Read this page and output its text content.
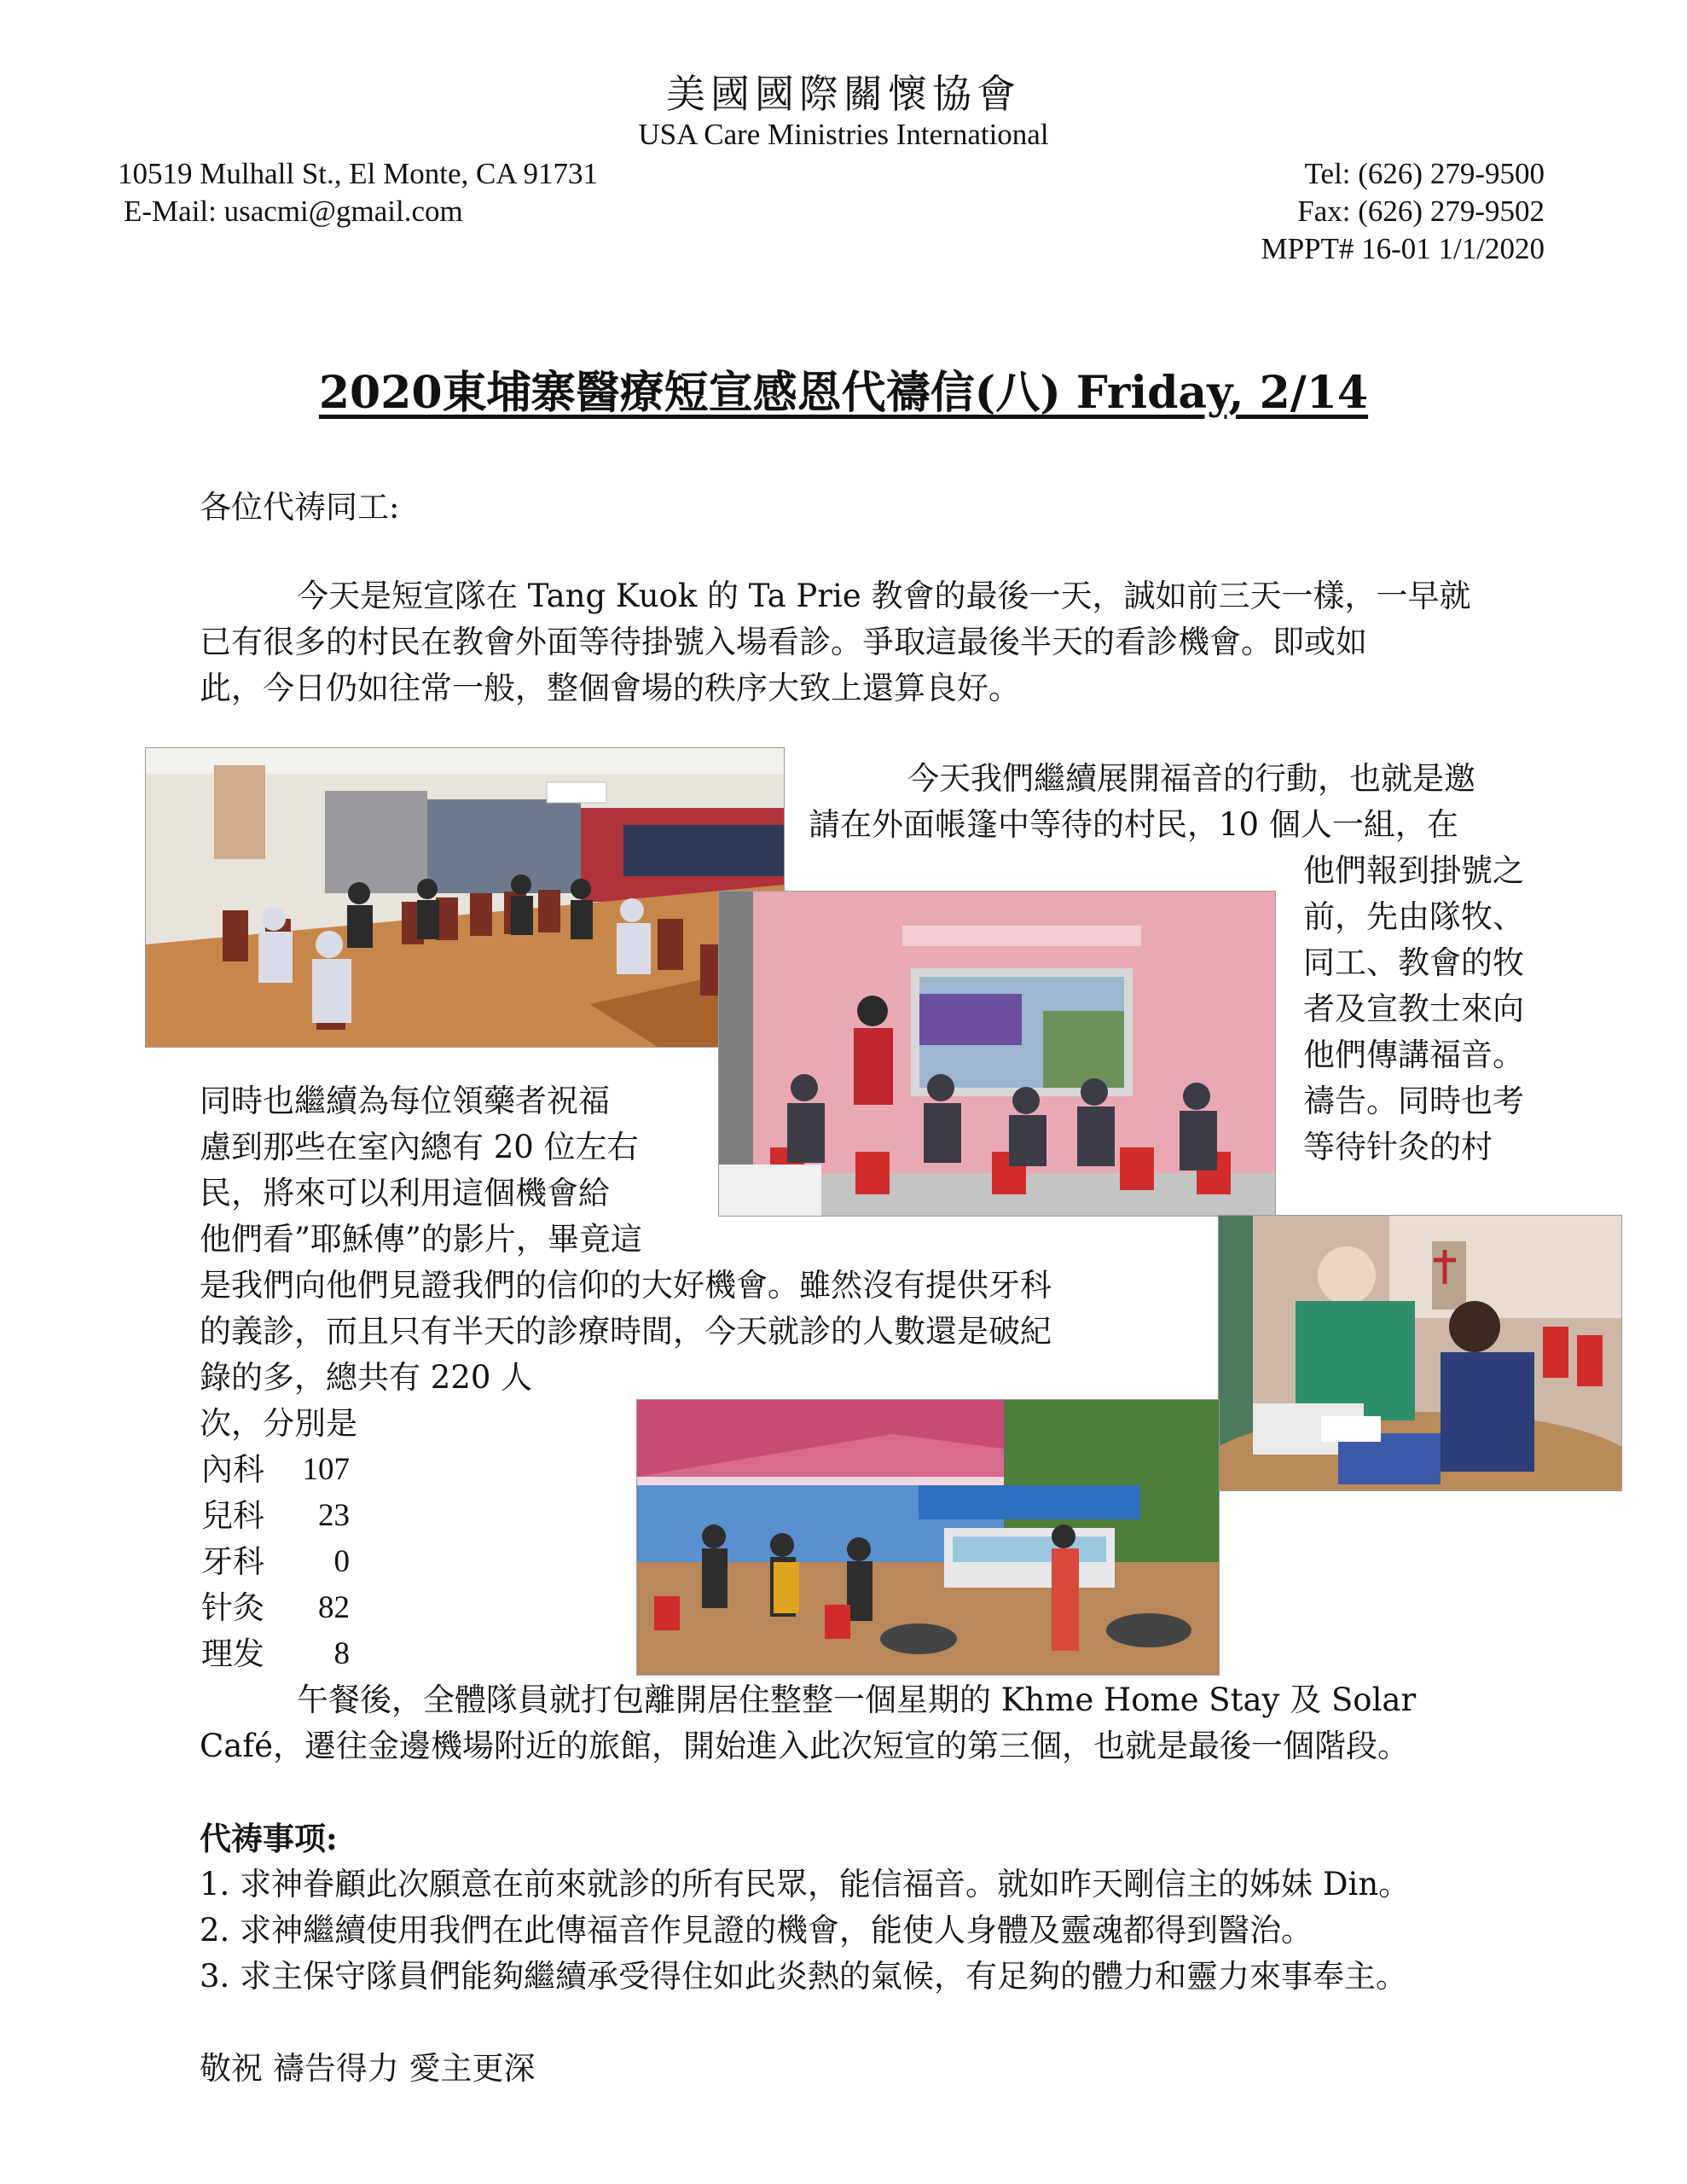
美國國際關懷協會
USA Care Ministries International
10519 Mulhall St., El Monte, CA 91731
E-Mail: usacmi@gmail.com
Tel: (626) 279-9500
Fax: (626) 279-9502
MPPT# 16-01 1/1/2020
2020東埔寨醫療短宣感恩代禱信(八) Friday, 2/14
各位代祷同工:
今天是短宣隊在 Tang Kuok 的 Ta Prie 教會的最後一天，誠如前三天一樣，一早就
已有很多的村民在教會外面等待掛號入場看診。爭取這最後半天的看診機會。即或如
此，今日仍如往常一般，整個會場的秩序大致上還算良好。
今天我們繼續展開福音的行動，也就是邀
請在外面帳篷中等待的村民，10 個人一組，在
他們報到掛號之
前，先由隊牧、
同工、教會的牧
者及宣教士來向
他們傳講福音。
禱告。同時也考
等待针灸的村
同時也繼續為每位領藥者祝福
慮到那些在室內總有 20 位左右
民，將來可以利用這個機會給
他們看”耶穌傳”的影片，畢竟這
是我們向他們見證我們的信仰的大好機會。雖然沒有提供牙科
的義診，而且只有半天的診療時間，今天就診的人數還是破紀
錄的多，總共有 220 人
次，分別是
內科	107
兒科	23
牙科	0
针灸	82
理发	8
午餐後，全體隊員就打包離開居住整整一個星期的 Khme Home Stay 及 Solar
Café，遷往金邊機場附近的旅館，開始進入此次短宣的第三個，也就是最後一個階段。
代祷事项:
1. 求神眷顧此次願意在前來就診的所有民眾，能信福音。就如昨天剛信主的姊妹 Din。
2. 求神繼續使用我們在此傳福音作見證的機會，能使人身體及靈魂都得到醫治。
3. 求主保守隊員們能夠繼續承受得住如此炎熱的氣候，有足夠的體力和靈力來事奉主。
敬祝 禱告得力 愛主更深
